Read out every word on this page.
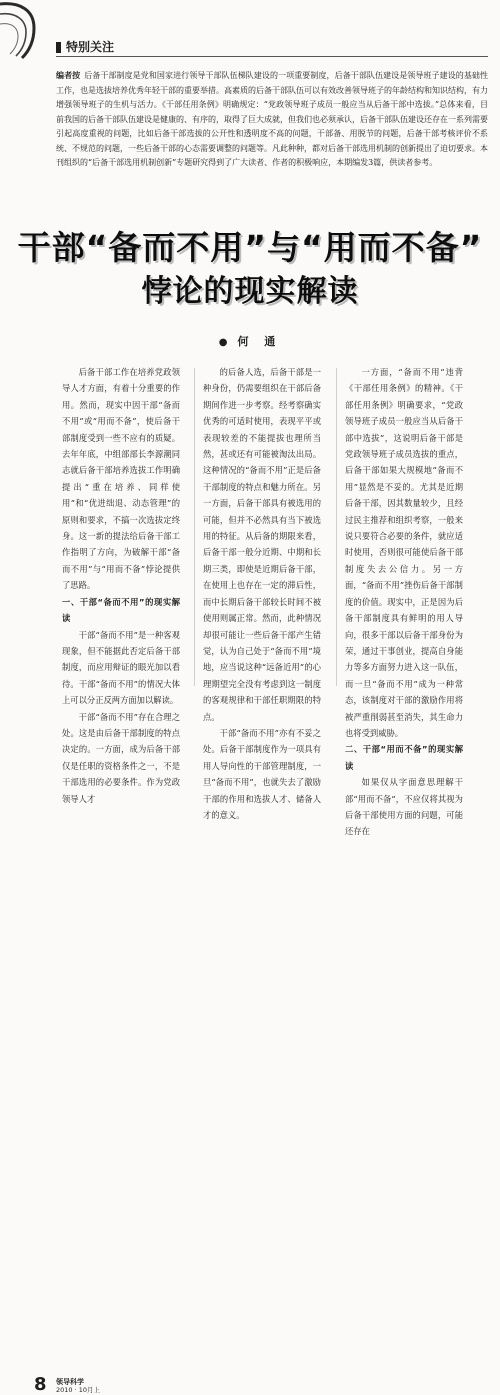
特别关注
编者按 后备干部制度是党和国家进行领导干部队伍梯队建设的一项重要制度，后备干部队伍建设是领导班子建设的基础性工作，也是选拔培养优秀年轻干部的重要举措。高素质的后备干部队伍可以有效改善领导班子的年龄结构和知识结构，有力增强领导班子的生机与活力。《干部任用条例》明确规定：“党政领导班子成员一般应当从后备干部中选拔。”总体来看，目前我国的后备干部队伍建设是健康的、有序的，取得了巨大成就，但我们也必须承认，后备干部队伍建设还存在一系列需要引起高度重视的问题，比如后备干部选拔的公开性和透明度不高的问题，干部备、用脱节的问题，后备干部考核评价不系统、不规范的问题，一些后备干部的心态需要调整的问题等。凡此种种，都对后备干部选用机制的创新提出了迫切要求。本刊组织的“后备干部选用机制创新”专题研究得到了广大读者、作者的积极响应，本期编发3篇，供读者参考。
干部“备而不用”与“用而不备”
悖论的现实解读
● 何 通

后备干部工作在培养党政领导人才方面，有着十分重要的作用。然而，现实中因干部“备而不用”或“用而不备”，使后备干部制度受到一些不应有的质疑。去年年底，中组部部长李源潮同志就后备干部培养选拔工作明确提出“重在培养、同样使用”和“优进绌退、动态管理”的原则和要求，不搞一次选拔定终身。这一新的提法给后备干部工作指明了方向，为破解干部“备而不用”与“用而不备”悖论提供了思路。

一、干部“备而不用”的现实解读

干部“备而不用”是一种客观现象，但不能据此否定后备干部制度，而应用辩证的眼光加以看待。干部“备而不用”的情况大体上可以分正反两方面加以解读。

干部“备而不用”存在合理之处。这是由后备干部制度的特点决定的。一方面，成为后备干部仅是任职的资格条件之一，不是干部选用的必要条件。作为党政领导人才

的后备人选，后备干部是一种身份，仍需要组织在干部后备期间作进一步考察。经考察确实优秀的可适时使用，表现平平或表现较差的不能提拔也理所当然，甚或还有可能被淘汰出局。这种情况的“备而不用”正是后备干部制度的特点和魅力所在。另一方面，后备干部具有被选用的可能，但并不必然具有当下被选用的特征。从后备的期限来看，后备干部一般分近期、中期和长期三类，即使是近期后备干部，在使用上也存在一定的滞后性，而中长期后备干部较长时间不被使用则属正常。然而，此种情况却很可能让一些后备干部产生错觉，认为自己处于“备而不用”境地，应当说这种“远备近用”的心理期望完全没有考虑到这一制度的客观规律和干部任职期限的特点。

干部“备而不用”亦有不妥之处。后备干部制度作为一项具有用人导向性的干部管理制度，一旦“备而不用”，也就失去了激励干部的作用和选拔人才、储备人才的意义。

一方面，“备而不用”违背《干部任用条例》的精神。《干部任用条例》明确要求，“党政领导班子成员一般应当从后备干部中选拔”，这说明后备干部是党政领导班子成员选拔的重点，后备干部如果大规模地“备而不用”显然是不妥的。尤其是近期后备干部，因其数量较少，且经过民主推荐和组织考察，一般来说只要符合必要的条件，就应适时使用，否则很可能使后备干部制度失去公信力。另一方面，“备而不用”挫伤后备干部制度的价值。现实中，正是因为后备干部制度具有鲜明的用人导向，很多干部以后备干部身份为荣，通过干事创业，提高自身能力等多方面努力进入这一队伍，而一旦“备而不用”成为一种常态，该制度对干部的激励作用将被严重削弱甚至消失，其生命力也将受到威胁。

二、干部“用而不备”的现实解读

如果仅从字面意思理解干部“用而不备”，不应仅将其视为后备干部使用方面的问题，可能还存在

8	领导科学
2010 · 10月上
